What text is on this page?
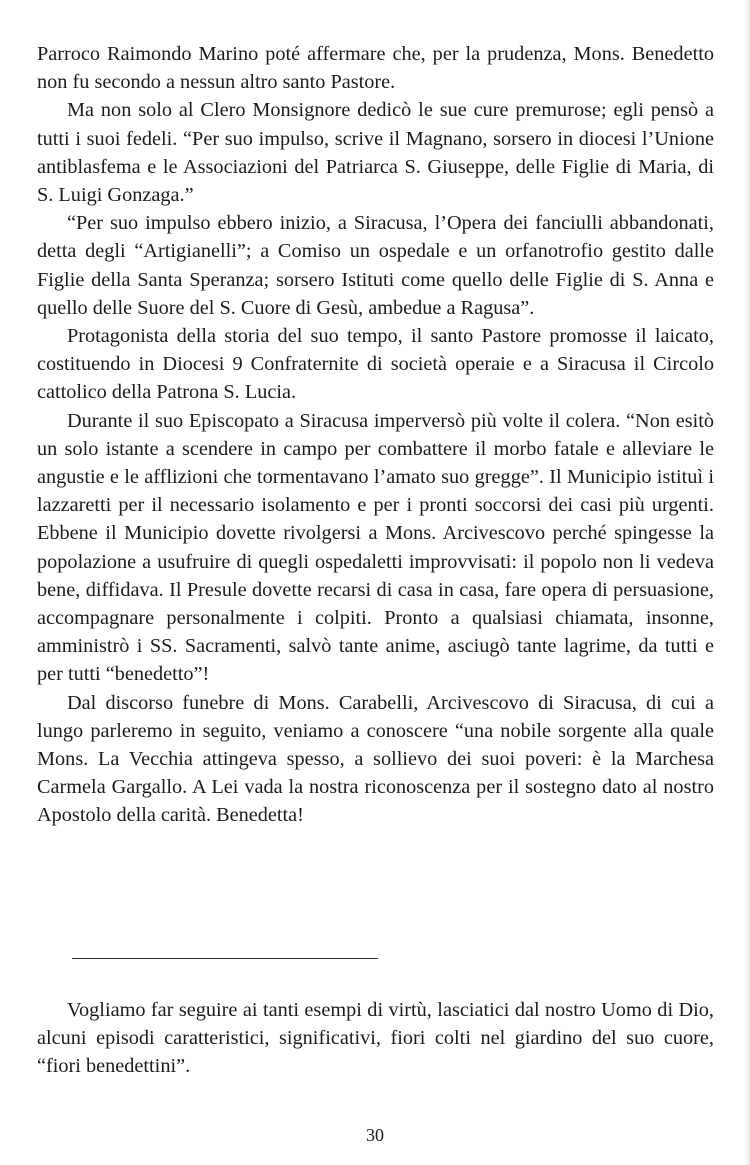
Parroco Raimondo Marino poté affermare che, per la prudenza, Mons. Benedetto non fu secondo a nessun altro santo Pastore.

Ma non solo al Clero Monsignore dedicò le sue cure premurose; egli pensò a tutti i suoi fedeli. “Per suo impulso, scrive il Magnano, sorsero in diocesi l’Unione antiblasfema e le Associazioni del Patriarca S. Giuseppe, delle Figlie di Maria, di S. Luigi Gonzaga.”

“Per suo impulso ebbero inizio, a Siracusa, l’Opera dei fanciulli abbandonati, detta degli “Artigianelli”; a Comiso un ospedale e un orfanotrofio gestito dalle Figlie della Santa Speranza; sorsero Istituti come quello delle Figlie di S. Anna e quello delle Suore del S. Cuore di Gesù, ambedue a Ragusa”.

Protagonista della storia del suo tempo, il santo Pastore promosse il laicato, costituendo in Diocesi 9 Confraternite di società operaie e a Siracusa il Circolo cattolico della Patrona S. Lucia.

Durante il suo Episcopato a Siracusa imperversò più volte il colera. “Non esitò un solo istante a scendere in campo per combattere il morbo fatale e alleviare le angustie e le afflizioni che tormentavano l’amato suo gregge”. Il Municipio istituì i lazzaretti per il necessario isolamento e per i pronti soccorsi dei casi più urgenti. Ebbene il Municipio dovette rivolgersi a Mons. Arcivescovo perché spingesse la popolazione a usufruire di quegli ospedaletti improvvisati: il popolo non li vedeva bene, diffidava. Il Presule dovette recarsi di casa in casa, fare opera di persuasione, accompagnare personalmente i colpiti. Pronto a qualsiasi chiamata, insonne, amministrò i SS. Sacramenti, salvò tante anime, asciugò tante lagrime, da tutti e per tutti “benedetto”!

Dal discorso funebre di Mons. Carabelli, Arcivescovo di Siracusa, di cui a lungo parleremo in seguito, veniamo a conoscere “una nobile sorgente alla quale Mons. La Vecchia attingeva spesso, a sollievo dei suoi poveri: è la Marchesa Carmela Gargallo. A Lei vada la nostra riconoscenza per il sostegno dato al nostro Apostolo della carità. Benedetta!

Vogliamo far seguire ai tanti esempi di virtù, lasciatici dal nostro Uomo di Dio, alcuni episodi caratteristici, significativi, fiori colti nel giardino del suo cuore, “fiori benedettini”.

30
